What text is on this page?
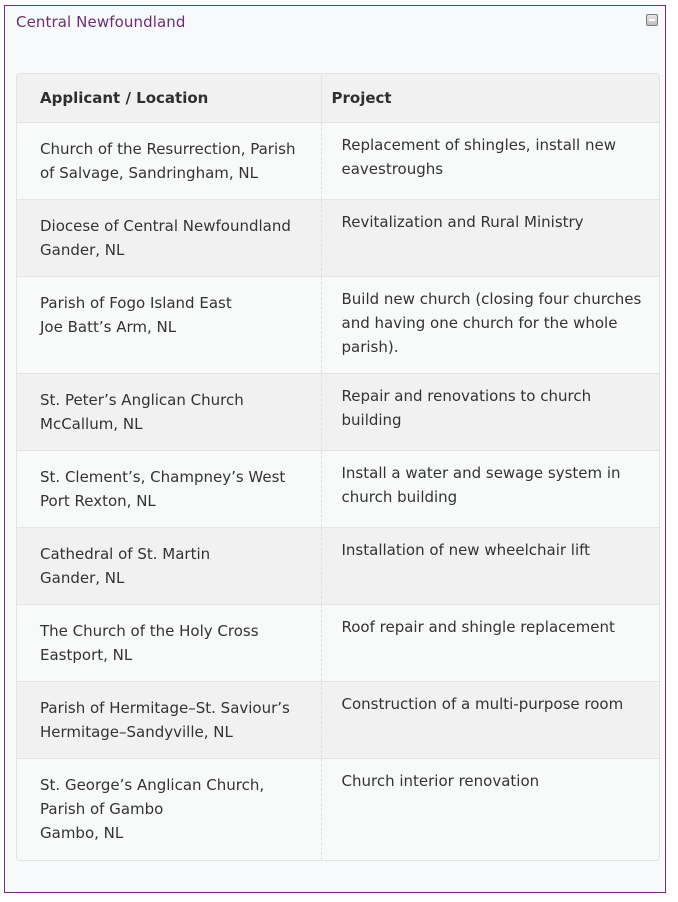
Central Newfoundland
Applicant / Location	Project

Church of the Resurrection, Parish
of Salvage, Sandringham, NL	Replacement of shingles, install new
eavestroughs

Diocese of Central Newfoundland
Gander, NL	Revitalization and Rural Ministry

Parish of Fogo Island East
Joe Batt’s Arm, NL	Build new church (closing four churches
and having one church for the whole
parish).

St. Peter’s Anglican Church
McCallum, NL	Repair and renovations to church
building

St. Clement’s, Champney’s West
Port Rexton, NL	Install a water and sewage system in
church building

Cathedral of St. Martin
Gander, NL	Installation of new wheelchair lift

The Church of the Holy Cross
Eastport, NL	Roof repair and shingle replacement

Parish of Hermitage–St. Saviour’s
Hermitage–Sandyville, NL	Construction of a multi-purpose room

St. George’s Anglican Church,
Parish of Gambo
Gambo, NL	Church interior renovation
